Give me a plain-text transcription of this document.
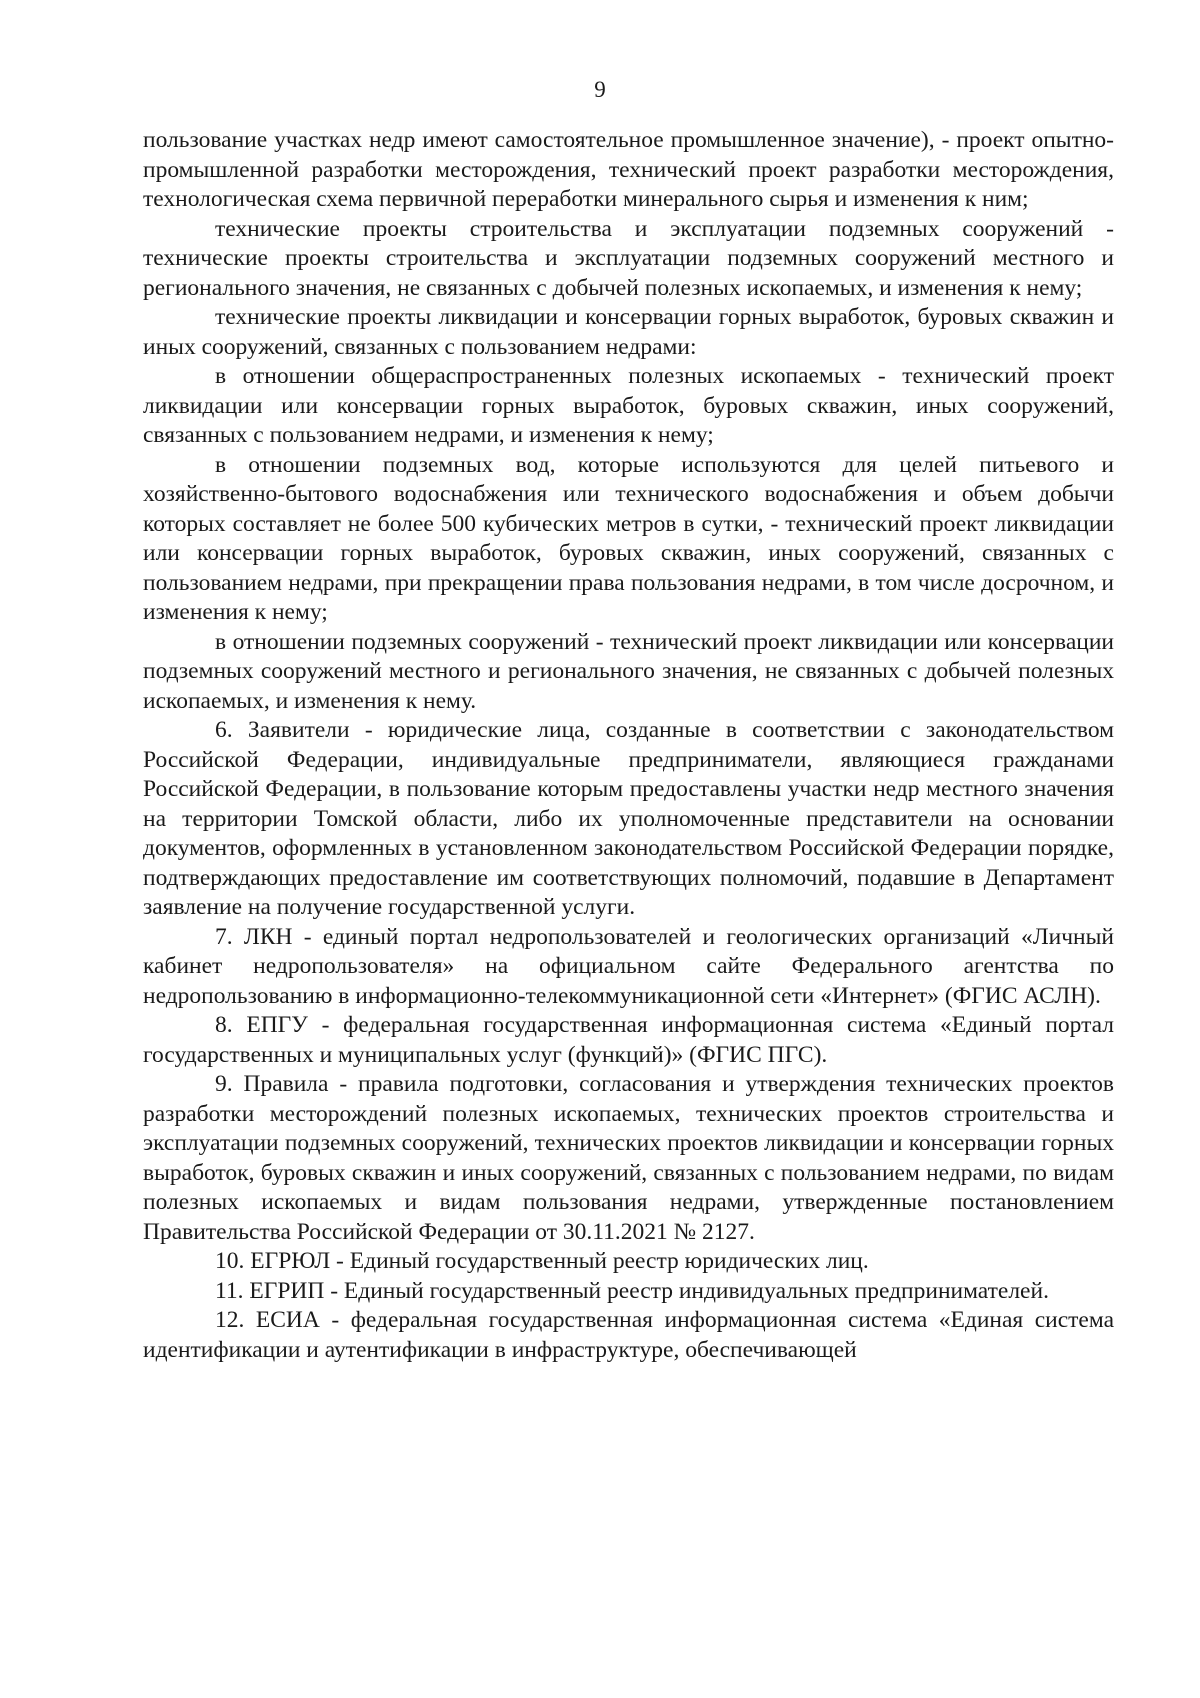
9

пользование участках недр имеют самостоятельное промышленное значение), - проект опытно-промышленной разработки месторождения, технический проект разработки месторождения, технологическая схема первичной переработки минерального сырья и изменения к ним;

технические проекты строительства и эксплуатации подземных сооружений - технические проекты строительства и эксплуатации подземных сооружений местного и регионального значения, не связанных с добычей полезных ископаемых, и изменения к нему;

технические проекты ликвидации и консервации горных выработок, буровых скважин и иных сооружений, связанных с пользованием недрами:

в отношении общераспространенных полезных ископаемых - технический проект ликвидации или консервации горных выработок, буровых скважин, иных сооружений, связанных с пользованием недрами, и изменения к нему;

в отношении подземных вод, которые используются для целей питьевого и хозяйственно-бытового водоснабжения или технического водоснабжения и объем добычи которых составляет не более 500 кубических метров в сутки, - технический проект ликвидации или консервации горных выработок, буровых скважин, иных сооружений, связанных с пользованием недрами, при прекращении права пользования недрами, в том числе досрочном, и изменения к нему;

в отношении подземных сооружений - технический проект ликвидации или консервации подземных сооружений местного и регионального значения, не связанных с добычей полезных ископаемых, и изменения к нему.

6. Заявители - юридические лица, созданные в соответствии с законодательством Российской Федерации, индивидуальные предприниматели, являющиеся гражданами Российской Федерации, в пользование которым предоставлены участки недр местного значения на территории Томской области, либо их уполномоченные представители на основании документов, оформленных в установленном законодательством Российской Федерации порядке, подтверждающих предоставление им соответствующих полномочий, подавшие в Департамент заявление на получение государственной услуги.

7. ЛКН - единый портал недропользователей и геологических организаций «Личный кабинет недропользователя» на официальном сайте Федерального агентства по недропользованию в информационно-телекоммуникационной сети «Интернет» (ФГИС АСЛН).

8. ЕПГУ - федеральная государственная информационная система «Единый портал государственных и муниципальных услуг (функций)» (ФГИС ПГС).

9. Правила - правила подготовки, согласования и утверждения технических проектов разработки месторождений полезных ископаемых, технических проектов строительства и эксплуатации подземных сооружений, технических проектов ликвидации и консервации горных выработок, буровых скважин и иных сооружений, связанных с пользованием недрами, по видам полезных ископаемых и видам пользования недрами, утвержденные постановлением Правительства Российской Федерации от 30.11.2021 № 2127.

10. ЕГРЮЛ - Единый государственный реестр юридических лиц.

11. ЕГРИП - Единый государственный реестр индивидуальных предпринимателей.

12. ЕСИА - федеральная государственная информационная система «Единая система идентификации и аутентификации в инфраструктуре, обеспечивающей
